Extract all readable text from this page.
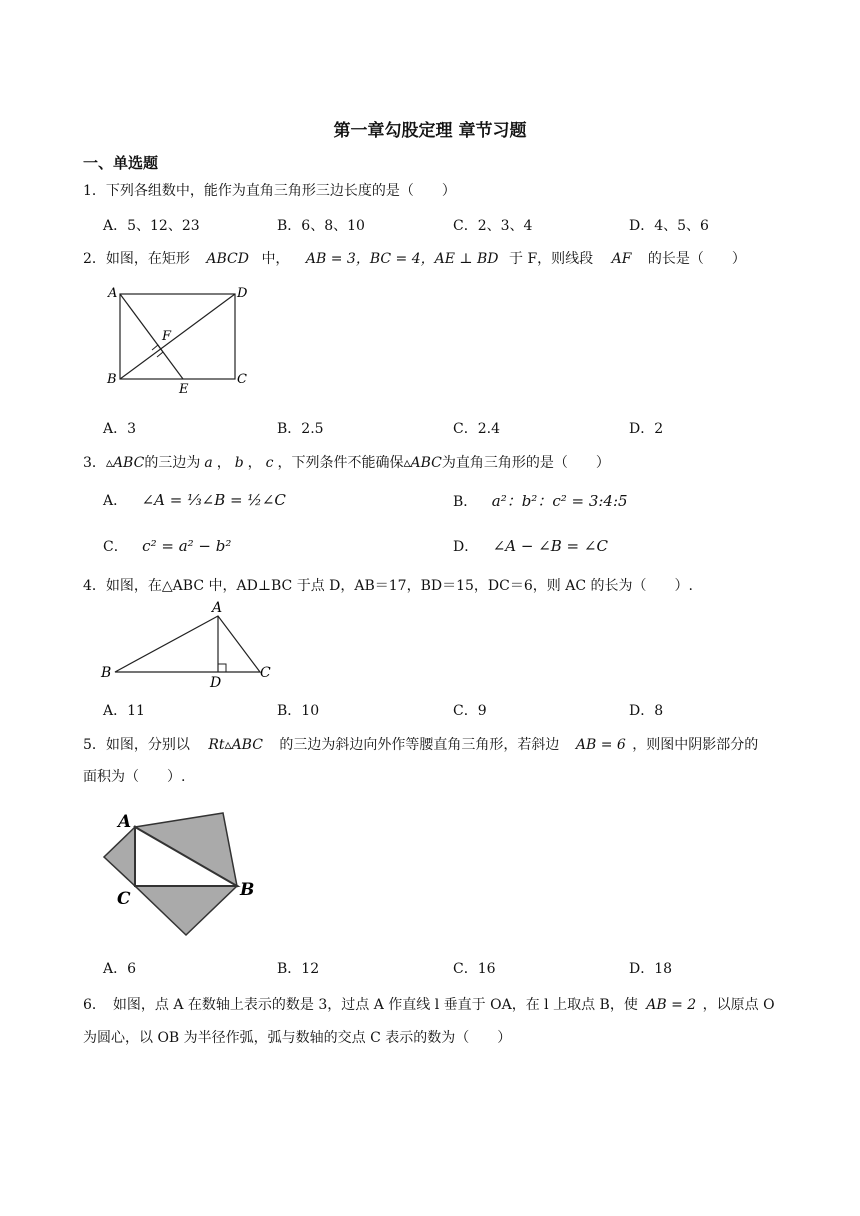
第一章勾股定理 章节习题
一、单选题
1．下列各组数中，能作为直角三角形三边长度的是（　　）
A．5、12、23	B．6、8、10	C．2、3、4	D．4、5、6
2．如图，在矩形 ABCD 中， AB = 3，BC = 4，AE ⊥ BD 于 F，则线段 AF 的长是（　　）
A	D
B	C
E
F
A．3	B．2.5	C．2.4	D．2
3．▵ABC的三边为 a ， b ， c ，下列条件不能确保▵ABC为直角三角形的是（　　）
A． ∠A = ⅓∠B = ½∠C	B． a²：b²：c² = 3:4:5
C． c² = a² − b²	D． ∠A − ∠B = ∠C
4．如图，在△ABC 中，AD⊥BC 于点 D，AB＝17，BD＝15，DC＝6，则 AC 的长为（　　）.
A
B	C
D
A．11	B．10	C．9	D．8
5．如图，分别以 Rt▵ABC 的三边为斜边向外作等腰直角三角形，若斜边 AB = 6 ，则图中阴影部分的
面积为（　　）.
A
B
C
A．6	B．12	C．16	D．18
6．　如图，点 A 在数轴上表示的数是 3，过点 A 作直线 l 垂直于 OA，在 l 上取点 B，使 AB = 2 ，以原点 O
为圆心，以 OB 为半径作弧，弧与数轴的交点 C 表示的数为（　　）
